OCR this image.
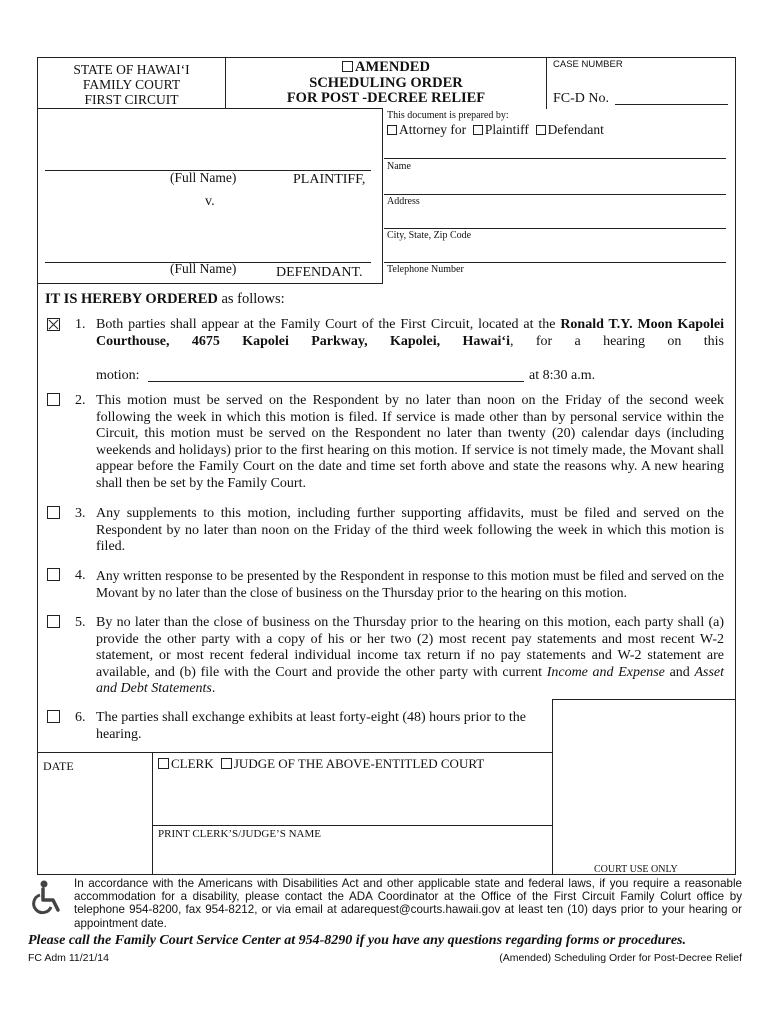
STATE OF HAWAI‘I
FAMILY COURT
FIRST CIRCUIT
AMENDED
SCHEDULING ORDER
FOR POST -DECREE RELIEF
CASE NUMBER
FC-D No.
This document is prepared by:
Attorney for Plaintiff Defendant
(Full Name)	PLAINTIFF,
v.
(Full Name)	DEFENDANT.
Name
Address
City, State, Zip Code
Telephone Number
IT IS HEREBY ORDERED as follows:
1. Both parties shall appear at the Family Court of the First Circuit, located at the Ronald T.Y. Moon Kapolei Courthouse, 4675 Kapolei Parkway, Kapolei, Hawai‘i, for a hearing on this
motion:	at 8:30 a.m.
2. This motion must be served on the Respondent by no later than noon on the Friday of the second week following the week in which this motion is filed. If service is made other than by personal service within the Circuit, this motion must be served on the Respondent no later than twenty (20) calendar days (including weekends and holidays) prior to the first hearing on this motion. If service is not timely made, the Movant shall appear before the Family Court on the date and time set forth above and state the reasons why. A new hearing shall then be set by the Family Court.
3. Any supplements to this motion, including further supporting affidavits, must be filed and served on the Respondent by no later than noon on the Friday of the third week following the week in which this motion is filed.
4. Any written response to be presented by the Respondent in response to this motion must be filed and served on the Movant by no later than the close of business on the Thursday prior to the hearing on this motion.
5. By no later than the close of business on the Thursday prior to the hearing on this motion, each party shall (a) provide the other party with a copy of his or her two (2) most recent pay statements and most recent W-2 statement, or most recent federal individual income tax return if no pay statements and W-2 statement are available, and (b) file with the Court and provide the other party with current Income and Expense and Asset and Debt Statements.
6. The parties shall exchange exhibits at least forty-eight (48) hours prior to the hearing.
COURT USE ONLY
DATE	CLERK JUDGE OF THE ABOVE-ENTITLED COURT
PRINT CLERK’S/JUDGE’S NAME
In accordance with the Americans with Disabilities Act and other applicable state and federal laws, if you require a reasonable accommodation for a disability, please contact the ADA Coordinator at the Office of the First Circuit Family Colurt office by telephone 954-8200, fax 954-8212, or via email at adarequest@courts.hawaii.gov at least ten (10) days prior to your hearing or appointment date.
Please call the Family Court Service Center at 954-8290 if you have any questions regarding forms or procedures.
FC Adm 11/21/14	(Amended) Scheduling Order for Post-Decree Relief
